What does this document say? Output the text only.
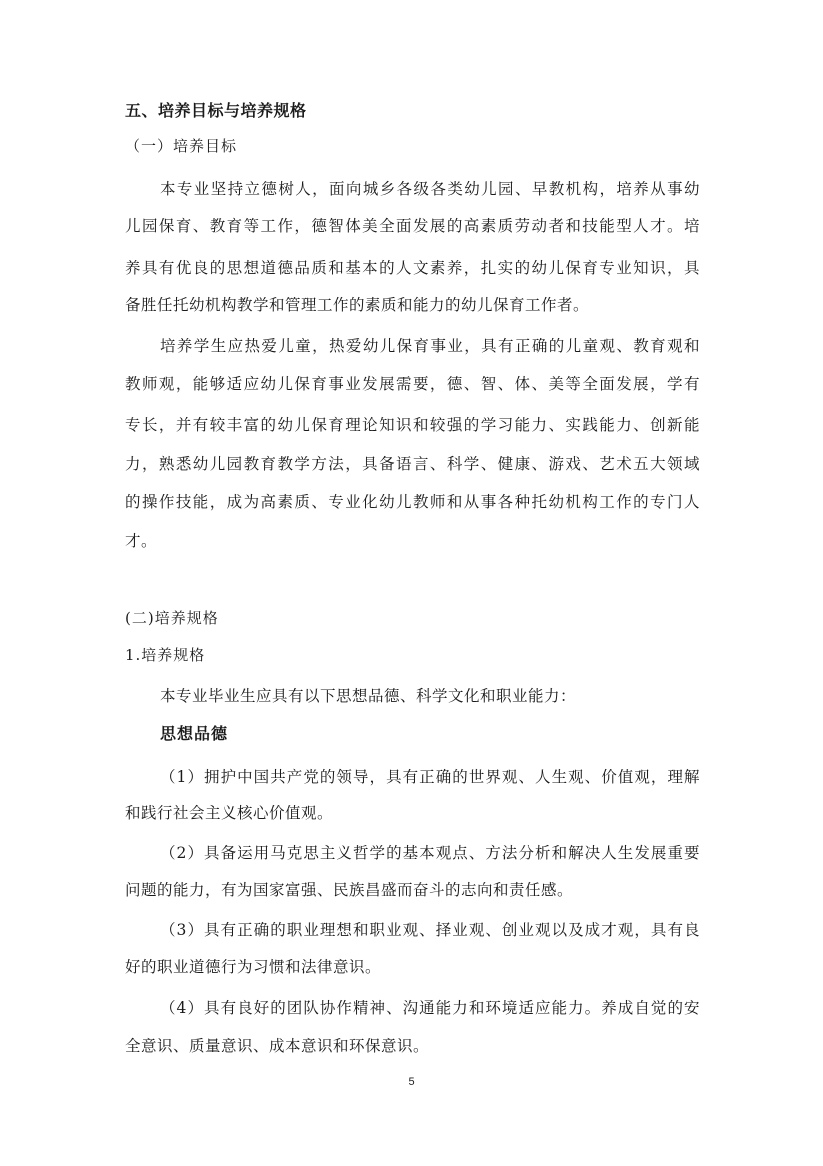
五、培养目标与培养规格
（一）培养目标
本专业坚持立德树人，面向城乡各级各类幼儿园、早教机构，培养从事幼
儿园保育、教育等工作，德智体美全面发展的高素质劳动者和技能型人才。培
养具有优良的思想道德品质和基本的人文素养，扎实的幼儿保育专业知识，具
备胜任托幼机构教学和管理工作的素质和能力的幼儿保育工作者。
培养学生应热爱儿童，热爱幼儿保育事业，具有正确的儿童观、教育观和
教师观，能够适应幼儿保育事业发展需要，德、智、体、美等全面发展，学有
专长，并有较丰富的幼儿保育理论知识和较强的学习能力、实践能力、创新能
力，熟悉幼儿园教育教学方法，具备语言、科学、健康、游戏、艺术五大领域
的操作技能，成为高素质、专业化幼儿教师和从事各种托幼机构工作的专门人
才。
(二)培养规格
1.培养规格
本专业毕业生应具有以下思想品德、科学文化和职业能力：
思想品德
（1）拥护中国共产党的领导，具有正确的世界观、人生观、价值观，理解
和践行社会主义核心价值观。
（2）具备运用马克思主义哲学的基本观点、方法分析和解决人生发展重要
问题的能力，有为国家富强、民族昌盛而奋斗的志向和责任感。
（3）具有正确的职业理想和职业观、择业观、创业观以及成才观，具有良
好的职业道德行为习惯和法律意识。
（4）具有良好的团队协作精神、沟通能力和环境适应能力。养成自觉的安
全意识、质量意识、成本意识和环保意识。
5
